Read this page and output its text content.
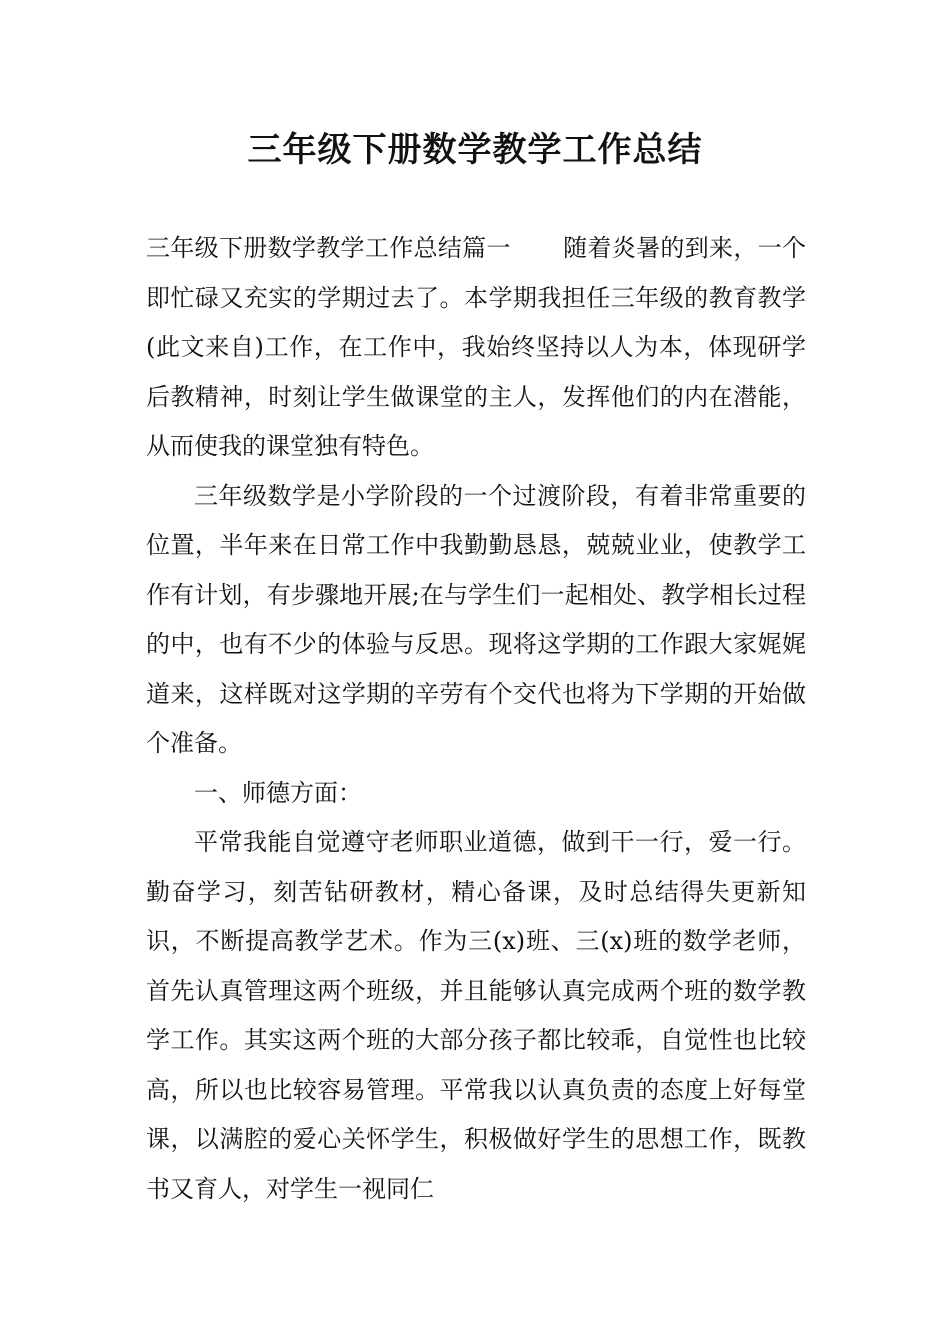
三年级下册数学教学工作总结

三年级下册数学教学工作总结篇一 随着炎暑的到来，一个即忙碌又充实的学期过去了。本学期我担任三年级的教育教学(此文来自)工作，在工作中，我始终坚持以人为本，体现研学后教精神，时刻让学生做课堂的主人，发挥他们的内在潜能，从而使我的课堂独有特色。

三年级数学是小学阶段的一个过渡阶段，有着非常重要的位置，半年来在日常工作中我勤勤恳恳，兢兢业业，使教学工作有计划，有步骤地开展;在与学生们一起相处、教学相长过程的中，也有不少的体验与反思。现将这学期的工作跟大家娓娓道来，这样既对这学期的辛劳有个交代也将为下学期的开始做个准备。

一、师德方面：

平常我能自觉遵守老师职业道德，做到干一行，爱一行。勤奋学习，刻苦钻研教材，精心备课，及时总结得失更新知识，不断提高教学艺术。作为三(x)班、三(x)班的数学老师，首先认真管理这两个班级，并且能够认真完成两个班的数学教学工作。其实这两个班的大部分孩子都比较乖，自觉性也比较高，所以也比较容易管理。平常我以认真负责的态度上好每堂课，以满腔的爱心关怀学生，积极做好学生的思想工作，既教书又育人，对学生一视同仁
